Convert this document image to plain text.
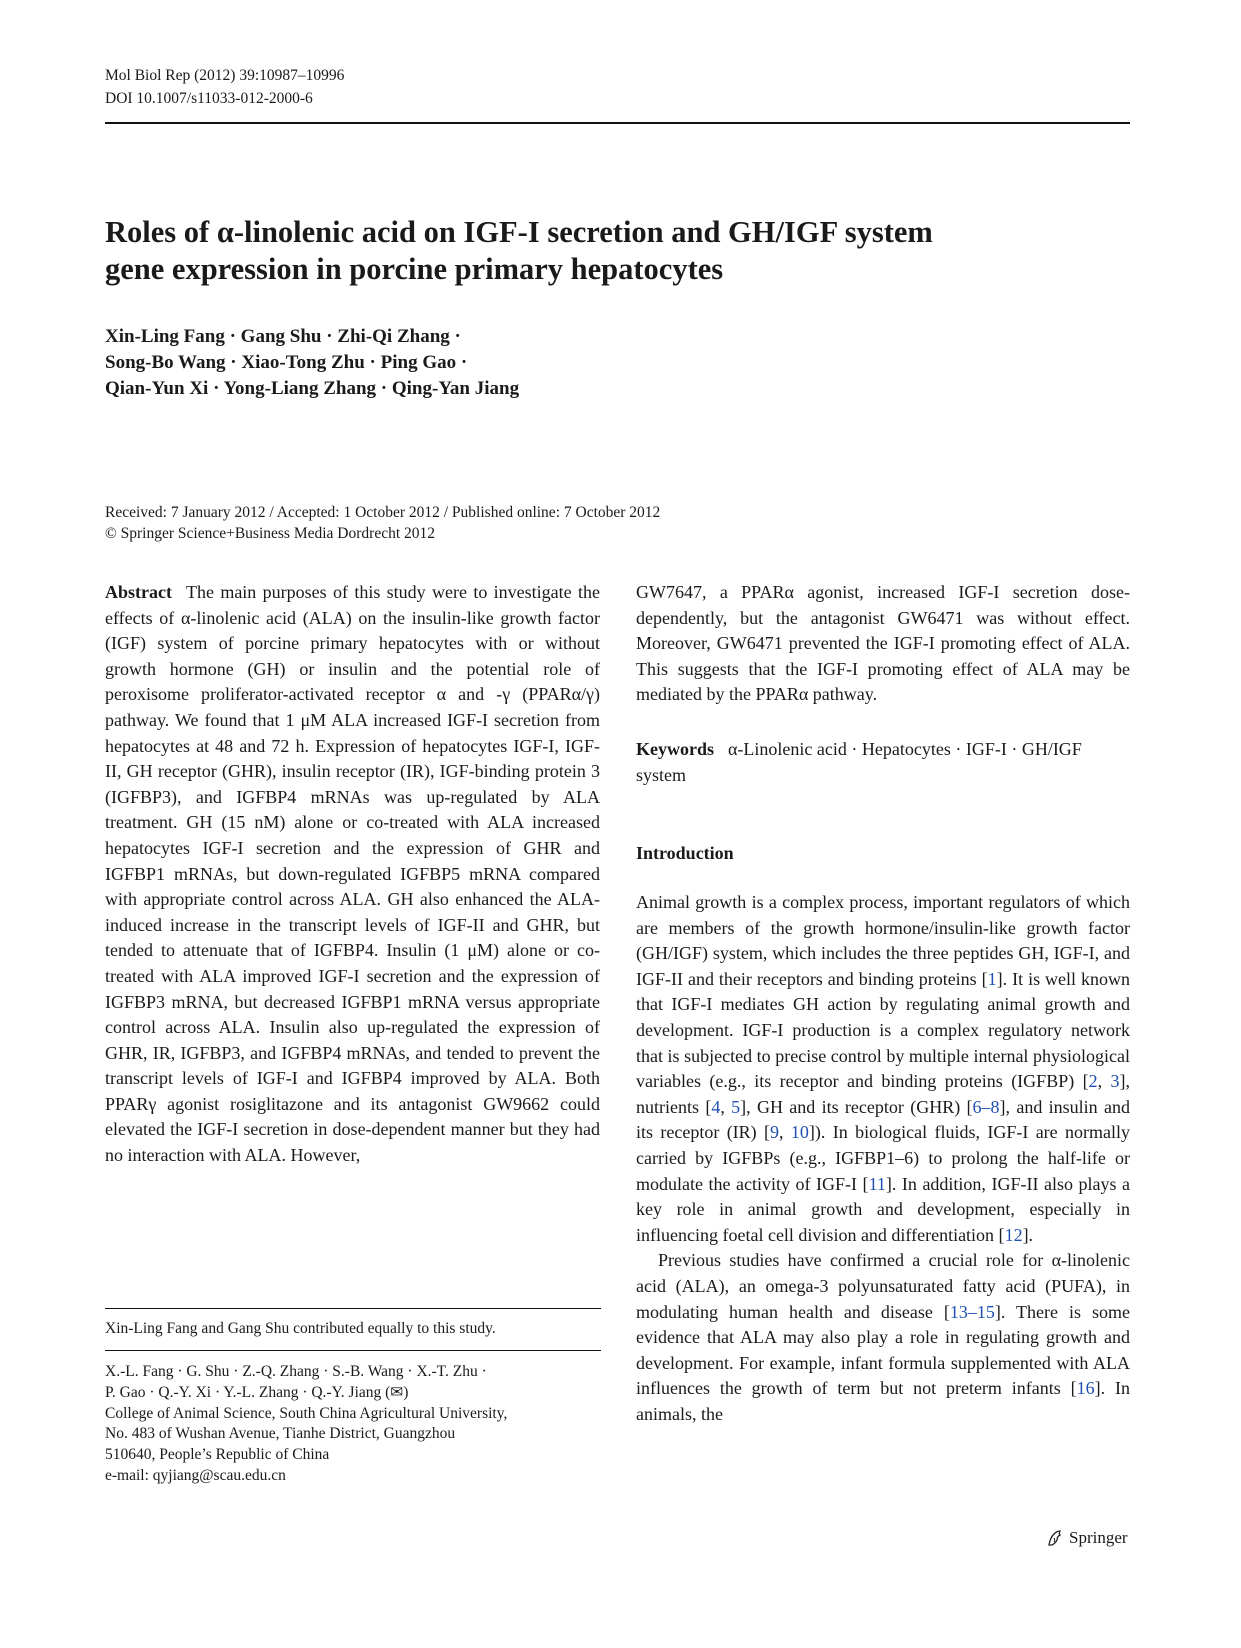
Mol Biol Rep (2012) 39:10987–10996
DOI 10.1007/s11033-012-2000-6
Roles of α-linolenic acid on IGF-I secretion and GH/IGF system
gene expression in porcine primary hepatocytes
Xin-Ling Fang · Gang Shu · Zhi-Qi Zhang ·
Song-Bo Wang · Xiao-Tong Zhu · Ping Gao ·
Qian-Yun Xi · Yong-Liang Zhang · Qing-Yan Jiang
Received: 7 January 2012 / Accepted: 1 October 2012 / Published online: 7 October 2012
© Springer Science+Business Media Dordrecht 2012

Abstract The main purposes of this study were to investigate the effects of α-linolenic acid (ALA) on the insulin-like growth factor (IGF) system of porcine primary hepatocytes with or without growth hormone (GH) or insulin and the potential role of peroxisome proliferator-activated receptor α and -γ (PPARα/γ) pathway. We found that 1 μM ALA increased IGF-I secretion from hepatocytes at 48 and 72 h. Expression of hepatocytes IGF-I, IGF-II, GH receptor (GHR), insulin receptor (IR), IGF-binding protein 3 (IGFBP3), and IGFBP4 mRNAs was up-regulated by ALA treatment. GH (15 nM) alone or co-treated with ALA increased hepatocytes IGF-I secretion and the expression of GHR and IGFBP1 mRNAs, but down-regulated IGFBP5 mRNA compared with appropriate control across ALA. GH also enhanced the ALA-induced increase in the transcript levels of IGF-II and GHR, but tended to attenuate that of IGFBP4. Insulin (1 μM) alone or co-treated with ALA improved IGF-I secretion and the expression of IGFBP3 mRNA, but decreased IGFBP1 mRNA versus appropriate control across ALA. Insulin also up-regulated the expression of GHR, IR, IGFBP3, and IGFBP4 mRNAs, and tended to prevent the transcript levels of IGF-I and IGFBP4 improved by ALA. Both PPARγ agonist rosiglitazone and its antagonist GW9662 could elevated the IGF-I secretion in dose-dependent manner but they had no interaction with ALA. However,

GW7647, a PPARα agonist, increased IGF-I secretion dose-dependently, but the antagonist GW6471 was without effect. Moreover, GW6471 prevented the IGF-I promoting effect of ALA. This suggests that the IGF-I promoting effect of ALA may be mediated by the PPARα pathway.

Keywords α-Linolenic acid · Hepatocytes · IGF-I · GH/IGF system

Introduction

Animal growth is a complex process, important regulators of which are members of the growth hormone/insulin-like growth factor (GH/IGF) system, which includes the three peptides GH, IGF-I, and IGF-II and their receptors and binding proteins [1]. It is well known that IGF-I mediates GH action by regulating animal growth and development. IGF-I production is a complex regulatory network that is subjected to precise control by multiple internal physiological variables (e.g., its receptor and binding proteins (IGFBP) [2, 3], nutrients [4, 5], GH and its receptor (GHR) [6–8], and insulin and its receptor (IR) [9, 10]). In biological fluids, IGF-I are normally carried by IGFBPs (e.g., IGFBP1–6) to prolong the half-life or modulate the activity of IGF-I [11]. In addition, IGF-II also plays a key role in animal growth and development, especially in influencing foetal cell division and differentiation [12].

Previous studies have confirmed a crucial role for α-linolenic acid (ALA), an omega-3 polyunsaturated fatty acid (PUFA), in modulating human health and disease [13–15]. There is some evidence that ALA may also play a role in regulating growth and development. For example, infant formula supplemented with ALA influences the growth of term but not preterm infants [16]. In animals, the

Xin-Ling Fang and Gang Shu contributed equally to this study.
X.-L. Fang · G. Shu · Z.-Q. Zhang · S.-B. Wang · X.-T. Zhu ·
P. Gao · Q.-Y. Xi · Y.-L. Zhang · Q.-Y. Jiang (✉)
College of Animal Science, South China Agricultural University,
No. 483 of Wushan Avenue, Tianhe District, Guangzhou
510640, People’s Republic of China
e-mail: qyjiang@scau.edu.cn
Springer
